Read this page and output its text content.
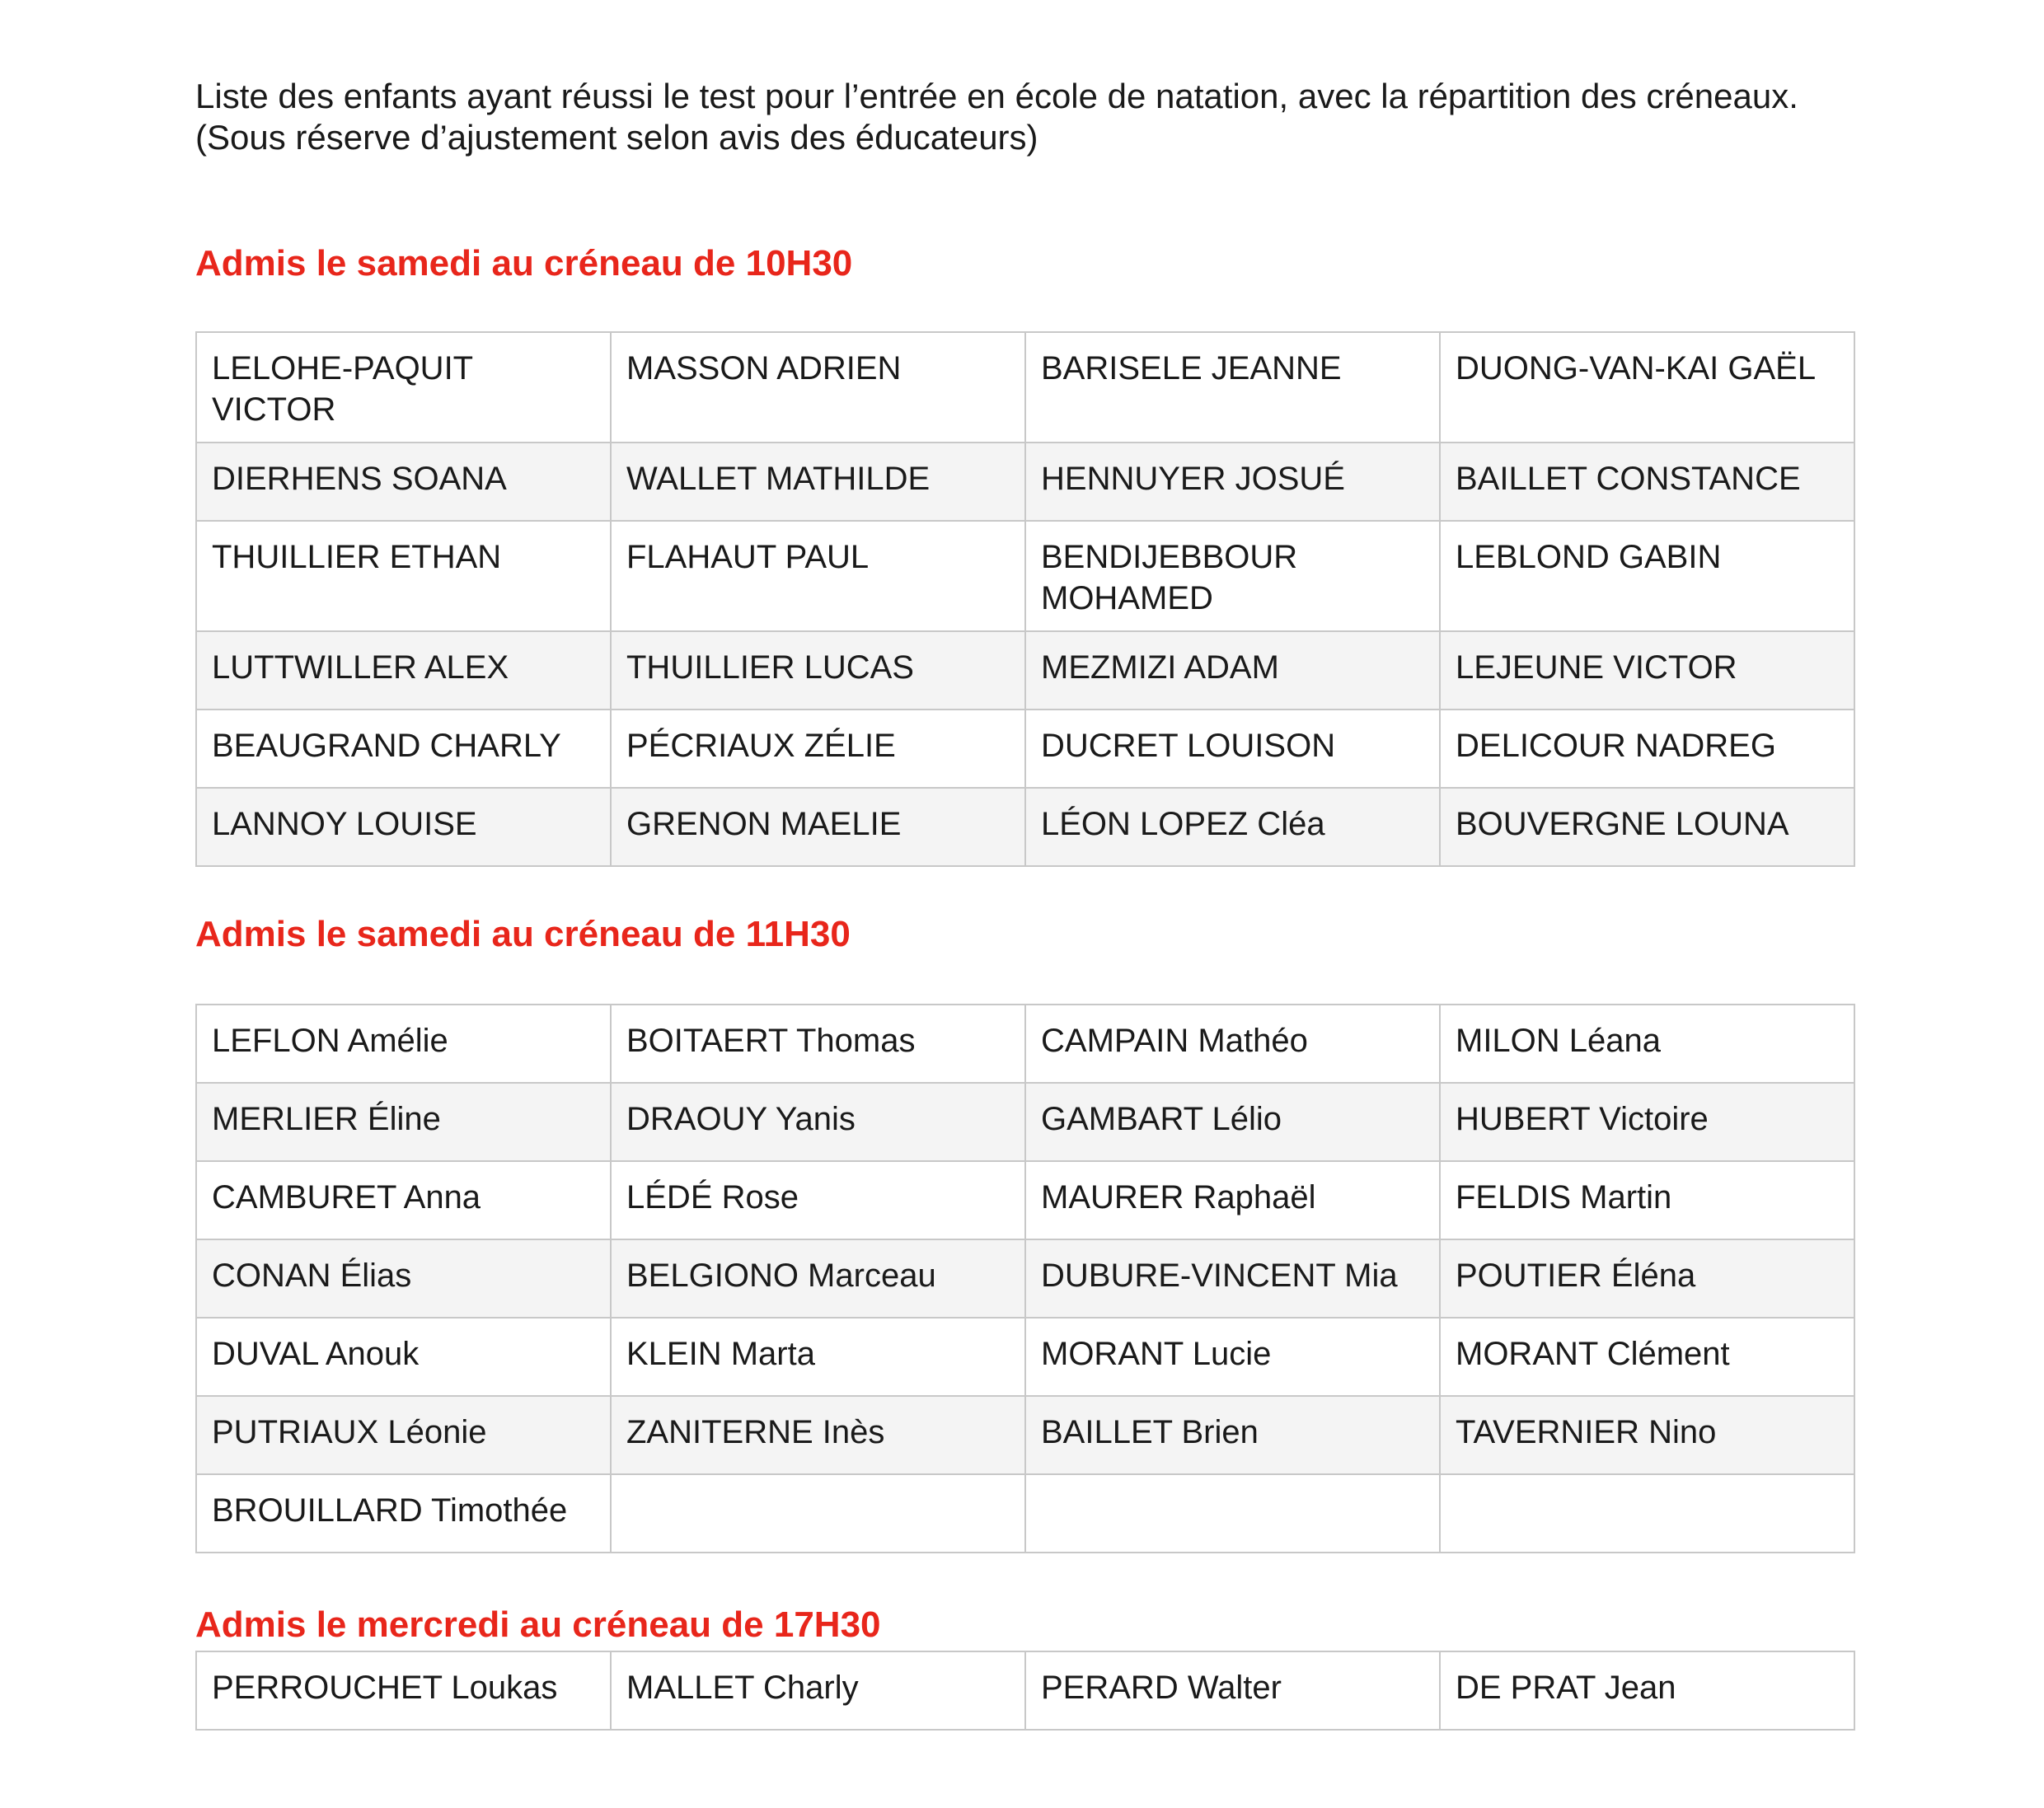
Liste des enfants ayant réussi le test pour l’entrée en école de natation, avec la répartition des créneaux. (Sous réserve d’ajustement selon avis des éducateurs)

Admis le samedi au créneau de 10H30
LELOHE-PAQUIT VICTOR	MASSON ADRIEN	BARISELE JEANNE	DUONG-VAN-KAI GAËL
DIERHENS SOANA	WALLET MATHILDE	HENNUYER JOSUÉ	BAILLET CONSTANCE
THUILLIER ETHAN	FLAHAUT PAUL	BENDIJEBBOUR MOHAMED	LEBLOND GABIN
LUTTWILLER ALEX	THUILLIER LUCAS	MEZMIZI ADAM	LEJEUNE VICTOR
BEAUGRAND CHARLY	PÉCRIAUX ZÉLIE	DUCRET LOUISON	DELICOUR NADREG
LANNOY LOUISE	GRENON MAELIE	LÉON LOPEZ Cléa	BOUVERGNE LOUNA
Admis le samedi au créneau de 11H30
LEFLON Amélie	BOITAERT Thomas	CAMPAIN Mathéo	MILON Léana
MERLIER Éline	DRAOUY Yanis	GAMBART Lélio	HUBERT Victoire
CAMBURET Anna	LÉDÉ Rose	MAURER Raphaël	FELDIS Martin
CONAN Élias	BELGIONO Marceau	DUBURE-VINCENT Mia	POUTIER Éléna
DUVAL Anouk	KLEIN Marta	MORANT Lucie	MORANT Clément
PUTRIAUX Léonie	ZANITERNE Inès	BAILLET Brien	TAVERNIER Nino
BROUILLARD Timothée			
Admis le mercredi au créneau de 17H30
PERROUCHET Loukas	MALLET Charly	PERARD Walter	DE PRAT Jean
